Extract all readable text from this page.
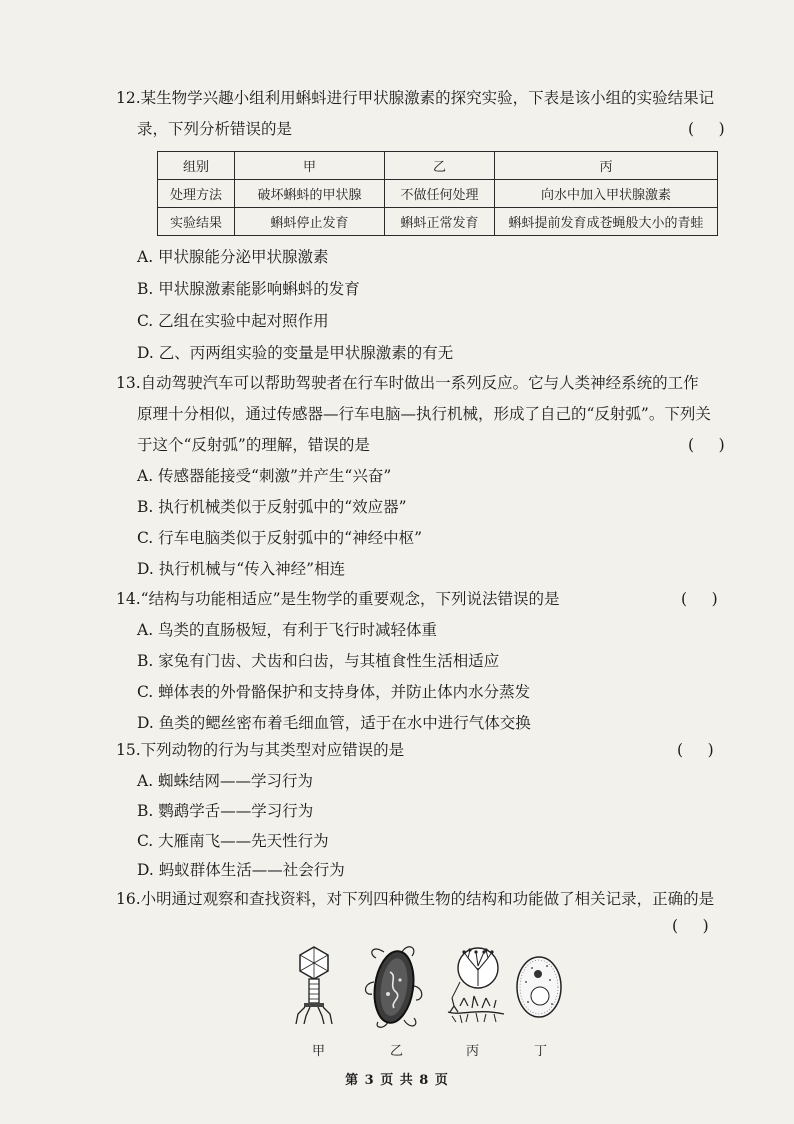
12.某生物学兴趣小组利用蝌蚪进行甲状腺激素的探究实验，下表是该小组的实验结果记
录，下列分析错误的是	(     )
组别	甲	乙	丙
处理方法	破坏蝌蚪的甲状腺	不做任何处理	向水中加入甲状腺激素
实验结果	蝌蚪停止发育	蝌蚪正常发育	蝌蚪提前发育成苍蝇般大小的青蛙
A. 甲状腺能分泌甲状腺激素
B. 甲状腺激素能影响蝌蚪的发育
C. 乙组在实验中起对照作用
D. 乙、丙两组实验的变量是甲状腺激素的有无
13.自动驾驶汽车可以帮助驾驶者在行车时做出一系列反应。它与人类神经系统的工作
原理十分相似，通过传感器—行车电脑—执行机械，形成了自己的“反射弧”。下列关
于这个“反射弧”的理解，错误的是	(     )
A. 传感器能接受“刺激”并产生“兴奋”
B. 执行机械类似于反射弧中的“效应器”
C. 行车电脑类似于反射弧中的“神经中枢”
D. 执行机械与“传入神经”相连
14.“结构与功能相适应”是生物学的重要观念，下列说法错误的是	(     )
A. 鸟类的直肠极短，有利于飞行时减轻体重
B. 家兔有门齿、犬齿和臼齿，与其植食性生活相适应
C. 蝉体表的外骨骼保护和支持身体，并防止体内水分蒸发
D. 鱼类的鳃丝密布着毛细血管，适于在水中进行气体交换
15.下列动物的行为与其类型对应错误的是	(     )
A. 蜘蛛结网——学习行为
B. 鹦鹉学舌——学习行为
C. 大雁南飞——先天性行为
D. 蚂蚁群体生活——社会行为
16.小明通过观察和查找资料，对下列四种微生物的结构和功能做了相关记录，正确的是
(     )
甲	乙	丙	丁
第 3 页 共 8 页
